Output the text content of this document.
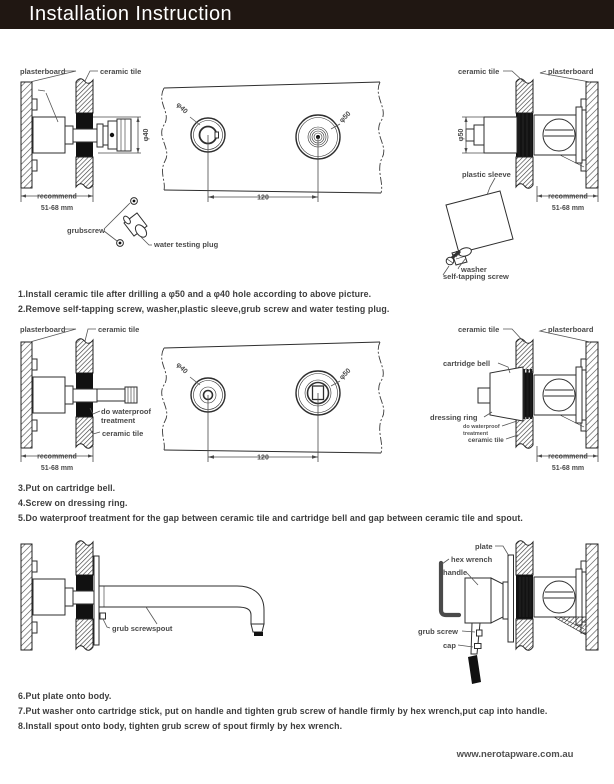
Installation Instruction
φ40
recommend
51-68 mm
plasterboard	ceramic tile
120
φ40
φ50
φ50
recommend
51-68 mm
ceramic tile	plasterboard
plastic sleeve
washer
self-tapping screw
grubscrew
water testing plug

1.Install ceramic tile after drilling a φ50 and a φ40 hole according to above picture.

2.Remove self-tapping screw, washer,plastic sleeve,grub screw and water testing plug.

plasterboard	ceramic tile
do waterproof
treatment
ceramic tile
recommend
51-68 mm
120
φ40	φ50
ceramic tile	plasterboard
cartridge bell
dressing ring
do waterproof
treatment
ceramic tile
recommend
51-68 mm

3.Put on cartridge bell.

4.Screw on dressing ring.

5.Do waterproof treatment for the gap between ceramic tile and cartridge bell and gap between ceramic tile and spout.

grub screw spout
plate
hex wrench
handle
grub screw
cap

6.Put plate onto body.

7.Put washer onto cartridge stick, put on handle and tighten grub screw of handle firmly by hex wrench,put cap into handle.

8.Install spout onto body, tighten grub screw of spout firmly by hex wrench.

www.nerotapware.com.au
